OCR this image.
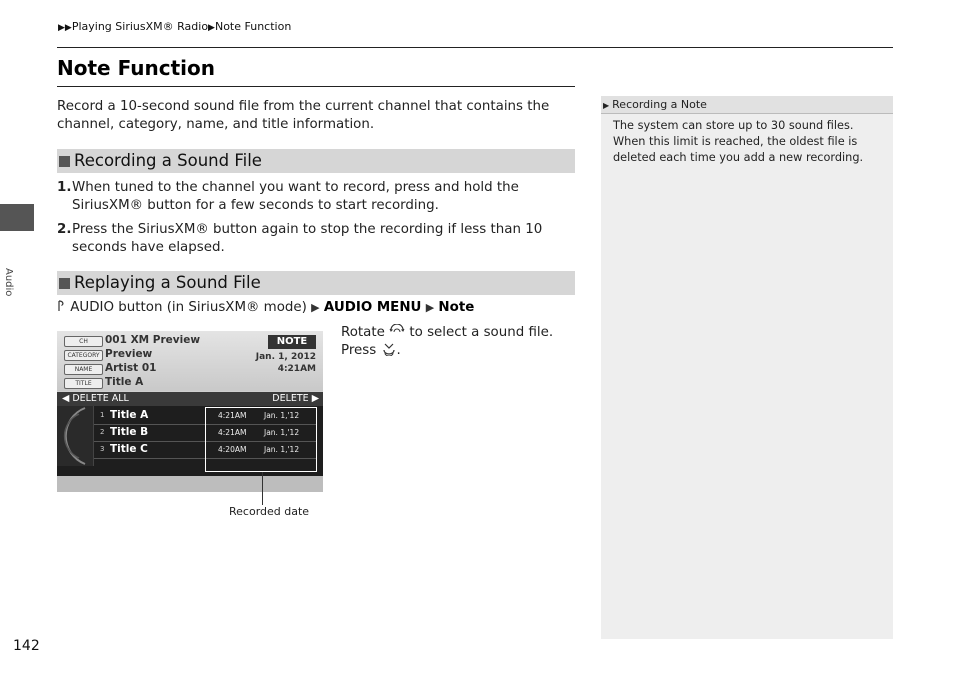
▶▶Playing SiriusXM® Radio▶Note Function
Note Function
Record a 10-second sound file from the current channel that contains the channel, category, name, and title information.
Recording a Sound File
1. When tuned to the channel you want to record, press and hold the SiriusXM® button for a few seconds to start recording.
2. Press the SiriusXM® button again to stop the recording if less than 10 seconds have elapsed.
Replaying a Sound File
AUDIO button (in SiriusXM® mode) ▶ AUDIO MENU ▶ Note
Rotate to select a sound file. Press .
CH
CATEGORY
NAME
TITLE
001 XM Preview
Preview
Artist 01
Title A
NOTE
Jan. 1, 2012
4:21AM
◀ DELETE ALL	DELETE ▶
1 Title A	4:21AM Jan. 1,'12
2 Title B	4:21AM Jan. 1,'12
3 Title C	4:20AM Jan. 1,'12
Recorded date
▶ Recording a Note
The system can store up to 30 sound files. When this limit is reached, the oldest file is deleted each time you add a new recording.
Audio
142
